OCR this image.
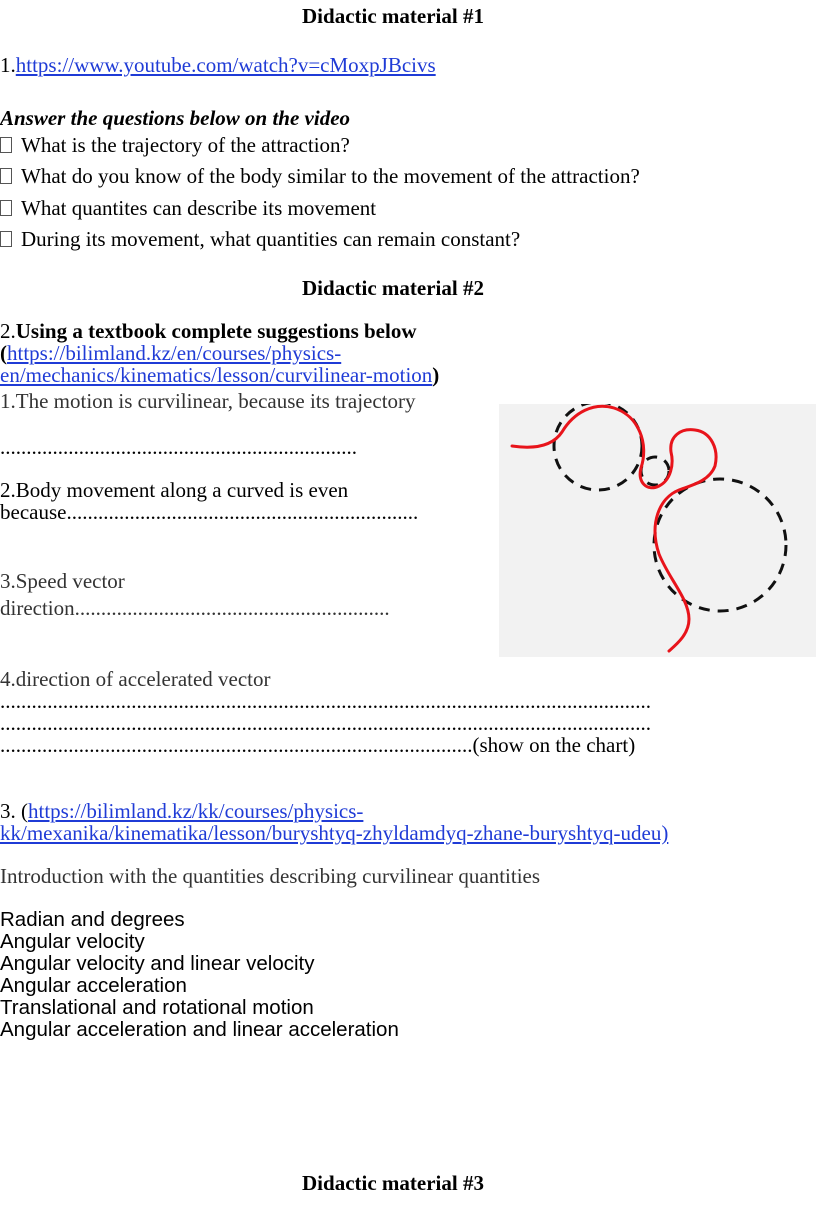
Didactic material #1
1.https://www.youtube.com/watch?v=cMoxpJBcivs
Answer the questions below on the video
What is the trajectory of the attraction?
What do you know of the body similar to the movement of the attraction?
What quantites can describe its movement
During its movement, what quantities can remain constant?
Didactic material #2
2.Using a textbook complete suggestions below
(https://bilimland.kz/en/courses/physics-
en/mechanics/kinematics/lesson/curvilinear-motion)
1.The motion is curvilinear, because its trajectory
....................................................................
2.Body movement along a curved is even
because...................................................................
3.Speed vector
direction............................................................
4.direction of accelerated vector
............................................................................................................................
............................................................................................................................
..........................................................................................(show on the chart)
3. (https://bilimland.kz/kk/courses/physics-
kk/mexanika/kinematika/lesson/buryshtyq-zhyldamdyq-zhane-buryshtyq-udeu)
Introduction with the quantities describing curvilinear quantities
Radian and degrees
Angular velocity
Angular velocity and linear velocity
Angular acceleration
Translational and rotational motion
Angular acceleration and linear acceleration
Didactic material #3
